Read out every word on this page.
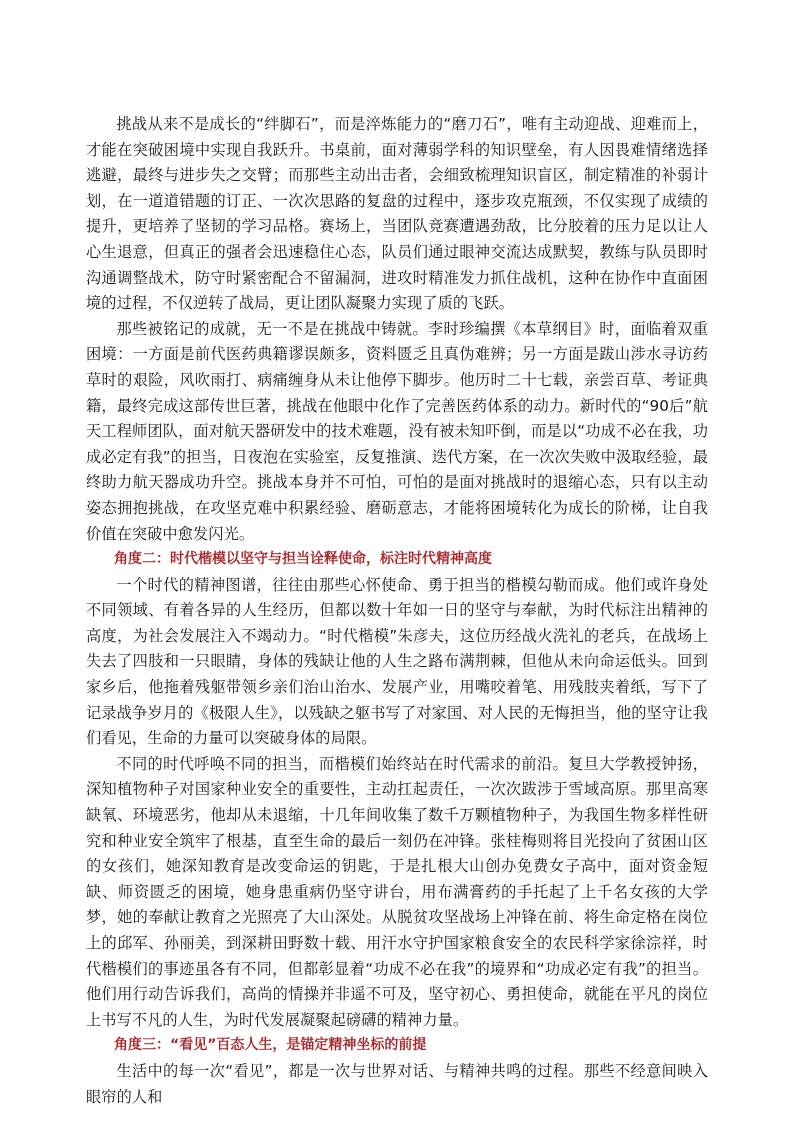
挑战从来不是成长的“绊脚石”，而是淬炼能力的“磨刀石”，唯有主动迎战、迎难而上，才能在突破困境中实现自我跃升。书桌前，面对薄弱学科的知识壁垒，有人因畏难情绪选择逃避，最终与进步失之交臂；而那些主动出击者，会细致梳理知识盲区，制定精准的补弱计划，在一道道错题的订正、一次次思路的复盘的过程中，逐步攻克瓶颈，不仅实现了成绩的提升，更培养了坚韧的学习品格。赛场上，当团队竞赛遭遇劲敌，比分胶着的压力足以让人心生退意，但真正的强者会迅速稳住心态，队员们通过眼神交流达成默契，教练与队员即时沟通调整战术，防守时紧密配合不留漏洞，进攻时精准发力抓住战机，这种在协作中直面困境的过程，不仅逆转了战局，更让团队凝聚力实现了质的飞跃。

那些被铭记的成就，无一不是在挑战中铸就。李时珍编撰《本草纲目》时，面临着双重困境：一方面是前代医药典籍谬误颇多，资料匮乏且真伪难辨；另一方面是跋山涉水寻访药草时的艰险，风吹雨打、病痛缠身从未让他停下脚步。他历时二十七载，亲尝百草、考证典籍，最终完成这部传世巨著，挑战在他眼中化作了完善医药体系的动力。新时代的“90后”航天工程师团队，面对航天器研发中的技术难题，没有被未知吓倒，而是以“功成不必在我，功成必定有我”的担当，日夜泡在实验室，反复推演、迭代方案，在一次次失败中汲取经验，最终助力航天器成功升空。挑战本身并不可怕，可怕的是面对挑战时的退缩心态，只有以主动姿态拥抱挑战，在攻坚克难中积累经验、磨砺意志，才能将困境转化为成长的阶梯，让自我价值在突破中愈发闪光。

角度二：时代楷模以坚守与担当诠释使命，标注时代精神高度

一个时代的精神图谱，往往由那些心怀使命、勇于担当的楷模勾勒而成。他们或许身处不同领域、有着各异的人生经历，但都以数十年如一日的坚守与奉献，为时代标注出精神的高度，为社会发展注入不竭动力。“时代楷模”朱彦夫，这位历经战火洗礼的老兵，在战场上失去了四肢和一只眼睛，身体的残缺让他的人生之路布满荆棘，但他从未向命运低头。回到家乡后，他拖着残躯带领乡亲们治山治水、发展产业，用嘴咬着笔、用残肢夹着纸，写下了记录战争岁月的《极限人生》，以残缺之躯书写了对家国、对人民的无悔担当，他的坚守让我们看见，生命的力量可以突破身体的局限。

不同的时代呼唤不同的担当，而楷模们始终站在时代需求的前沿。复旦大学教授钟扬，深知植物种子对国家种业安全的重要性，主动扛起责任，一次次跋涉于雪域高原。那里高寒缺氧、环境恶劣，他却从未退缩，十几年间收集了数千万颗植物种子，为我国生物多样性研究和种业安全筑牢了根基，直至生命的最后一刻仍在冲锋。张桂梅则将目光投向了贫困山区的女孩们，她深知教育是改变命运的钥匙，于是扎根大山创办免费女子高中，面对资金短缺、师资匮乏的困境，她身患重病仍坚守讲台，用布满膏药的手托起了上千名女孩的大学梦，她的奉献让教育之光照亮了大山深处。从脱贫攻坚战场上冲锋在前、将生命定格在岗位上的邱军、孙丽美，到深耕田野数十载、用汗水守护国家粮食安全的农民科学家徐淙祥，时代楷模们的事迹虽各有不同，但都彰显着“功成不必在我”的境界和“功成必定有我”的担当。他们用行动告诉我们，高尚的情操并非遥不可及，坚守初心、勇担使命，就能在平凡的岗位上书写不凡的人生，为时代发展凝聚起磅礴的精神力量。

角度三：“看见”百态人生，是锚定精神坐标的前提

生活中的每一次“看见”，都是一次与世界对话、与精神共鸣的过程。那些不经意间映入眼帘的人和
